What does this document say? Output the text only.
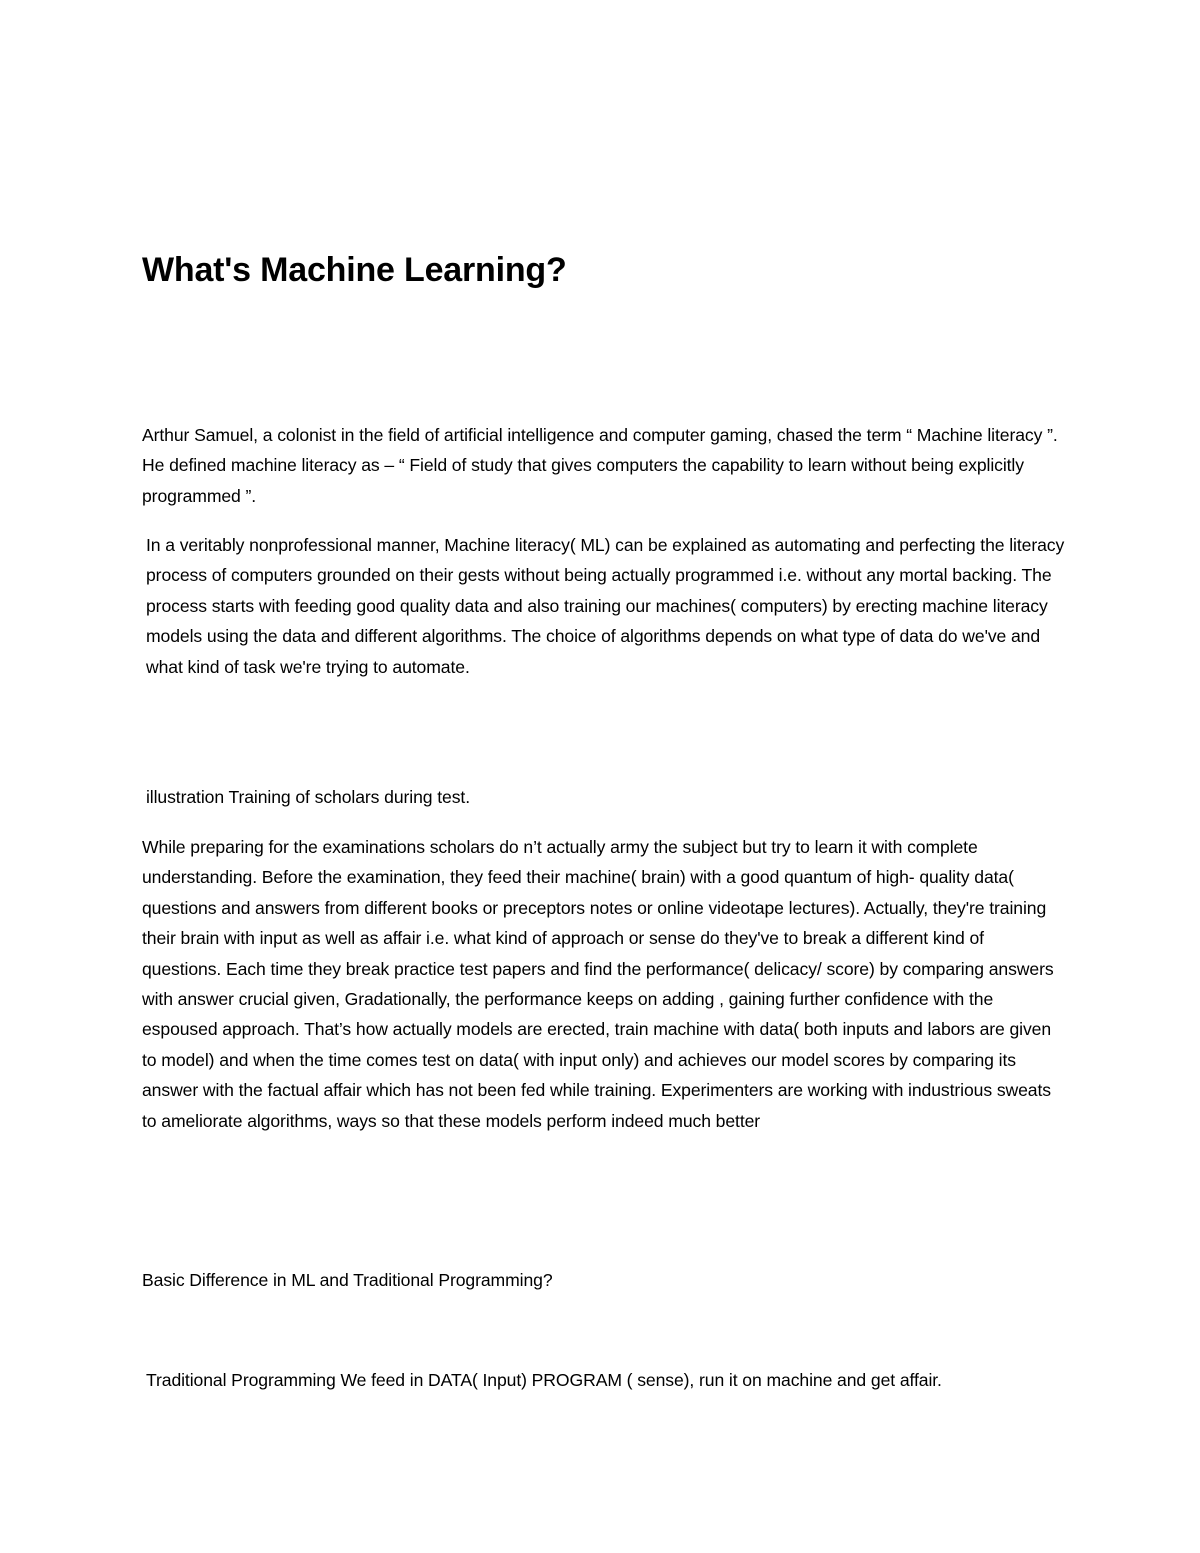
What's Machine Learning?

Arthur Samuel, a colonist in the field of artificial intelligence and computer gaming, chased the term “ Machine literacy ”. He defined machine literacy as – “ Field of study that gives computers the capability to learn without being explicitly programmed ”.

In a veritably nonprofessional manner, Machine literacy( ML) can be explained as automating and perfecting the literacy process of computers grounded on their gests without being actually programmed i.e. without any mortal backing. The process starts with feeding good quality data and also training our machines( computers) by erecting machine literacy models using the data and different algorithms. The choice of algorithms depends on what type of data do we've and what kind of task we're trying to automate.

illustration Training of scholars during test.

While preparing for the examinations scholars do n’t actually army the subject but try to learn it with complete understanding. Before the examination, they feed their machine( brain) with a good quantum of high- quality data( questions and answers from different books or preceptors notes or online videotape lectures). Actually, they're training their brain with input as well as affair i.e. what kind of approach or sense do they've to break a different kind of questions. Each time they break practice test papers and find the performance( delicacy/ score) by comparing answers with answer crucial given, Gradationally, the performance keeps on adding , gaining further confidence with the espoused approach. That’s how actually models are erected, train machine with data( both inputs and labors are given to model) and when the time comes test on data( with input only) and achieves our model scores by comparing its answer with the factual affair which has not been fed while training. Experimenters are working with industrious sweats to ameliorate algorithms, ways so that these models perform indeed much better

Basic Difference in ML and Traditional Programming?

Traditional Programming We feed in DATA( Input) PROGRAM ( sense), run it on machine and get affair.
